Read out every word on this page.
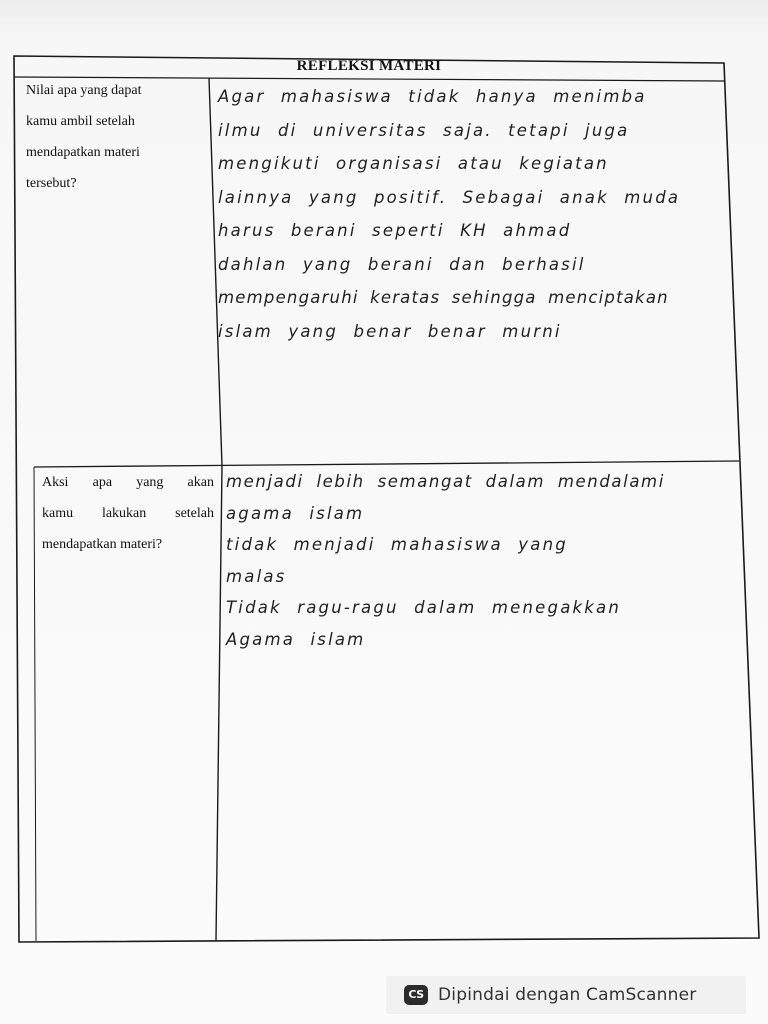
REFLEKSI MATERI
Nilai apa yang dapat
kamu ambil setelah
mendapatkan materi
tersebut?
Agar mahasiswa tidak hanya menimba
ilmu di universitas saja. tetapi juga
mengikuti organisasi atau kegiatan
lainnya yang positif. Sebagai anak muda
harus berani seperti KH ahmad
dahlan yang berani dan berhasil
mempengaruhi keratas sehingga menciptakan
islam yang benar benar murni
Aksi apa yang akan
kamu lakukan setelah
mendapatkan materi?
menjadi lebih semangat dalam mendalami
agama islam
tidak menjadi mahasiswa yang
malas
Tidak ragu-ragu dalam menegakkan
Agama islam
CS Dipindai dengan CamScanner
